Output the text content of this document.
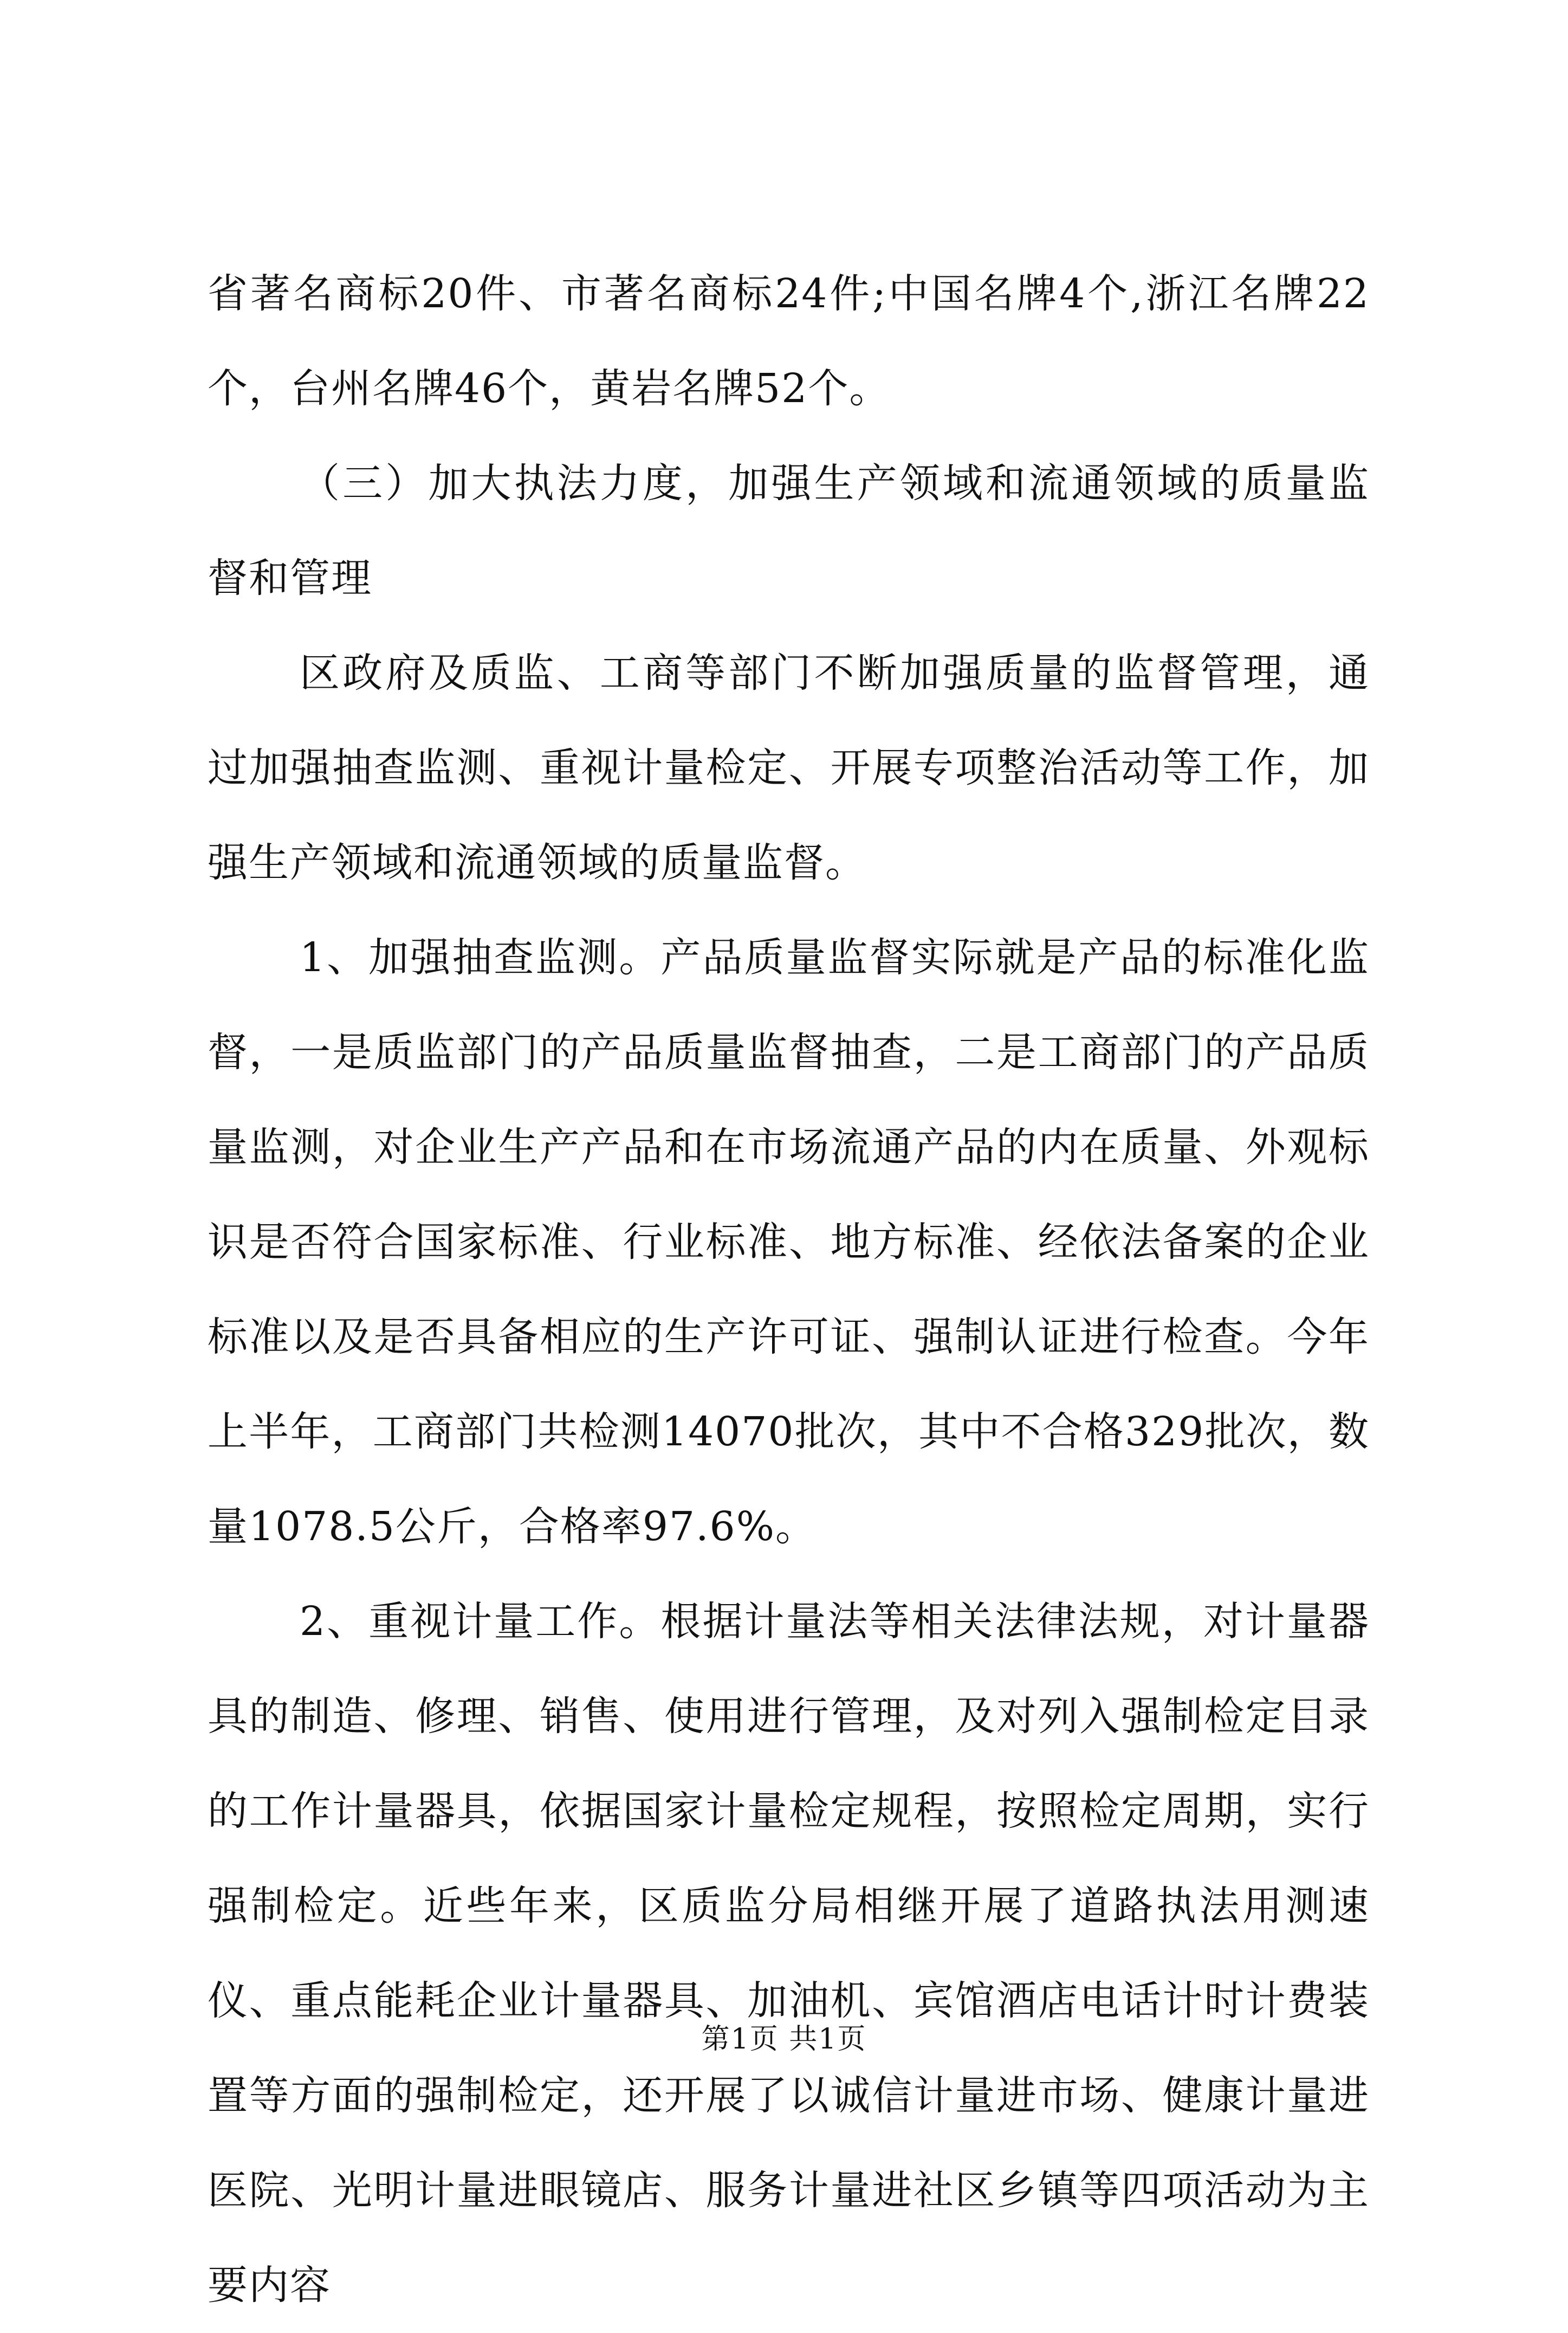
省著名商标20件、市著名商标24件;中国名牌4个,浙江名牌22个，台州名牌46个，黄岩名牌52个。

（三）加大执法力度，加强生产领域和流通领域的质量监督和管理

区政府及质监、工商等部门不断加强质量的监督管理，通过加强抽查监测、重视计量检定、开展专项整治活动等工作，加强生产领域和流通领域的质量监督。

1、加强抽查监测。产品质量监督实际就是产品的标准化监督，一是质监部门的产品质量监督抽查，二是工商部门的产品质量监测，对企业生产产品和在市场流通产品的内在质量、外观标识是否符合国家标准、行业标准、地方标准、经依法备案的企业标准以及是否具备相应的生产许可证、强制认证进行检查。今年上半年，工商部门共检测14070批次，其中不合格329批次，数量1078.5公斤，合格率97.6%。

2、重视计量工作。根据计量法等相关法律法规，对计量器具的制造、修理、销售、使用进行管理，及对列入强制检定目录的工作计量器具，依据国家计量检定规程，按照检定周期，实行强制检定。近些年来，区质监分局相继开展了道路执法用测速仪、重点能耗企业计量器具、加油机、宾馆酒店电话计时计费装置等方面的强制检定，还开展了以诚信计量进市场、健康计量进医院、光明计量进眼镜店、服务计量进社区乡镇等四项活动为主要内容

第1页 共1页
